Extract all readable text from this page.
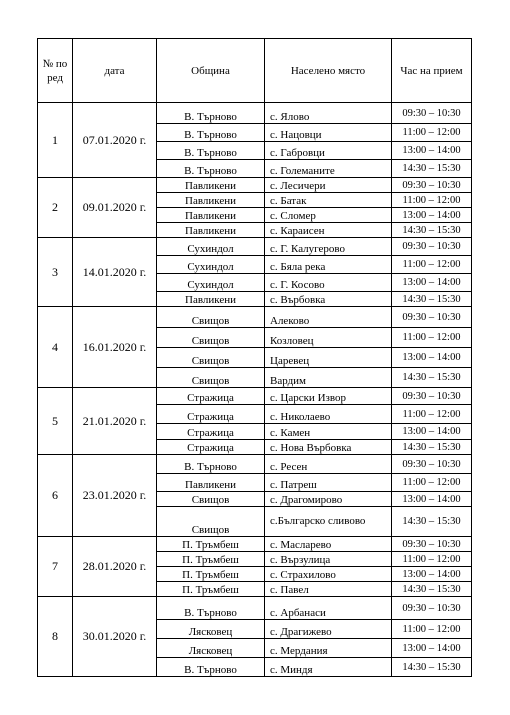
№ по ред	дата	Община	Населено място	Час на прием
1	07.01.2020 г.	В. Търново	с. Ялово	09:30 – 10:30
		В. Търново	с. Нацовци	11:00 – 12:00
		В. Търново	с. Габровци	13:00 – 14:00
		В. Търново	с. Големаните	14:30 – 15:30
2	09.01.2020 г.	Павликени	с. Лесичери	09:30 – 10:30
		Павликени	с. Батак	11:00 – 12:00
		Павликени	с. Сломер	13:00 – 14:00
		Павликени	с. Караисен	14:30 – 15:30
3	14.01.2020 г.	Сухиндол	с. Г. Калугерово	09:30 – 10:30
		Сухиндол	с. Бяла река	11:00 – 12:00
		Сухиндол	с. Г. Косово	13:00 – 14:00
		Павликени	с. Върбовка	14:30 – 15:30
4	16.01.2020 г.	Свищов	Алеково	09:30 – 10:30
		Свищов	Козловец	11:00 – 12:00
		Свищов	Царевец	13:00 – 14:00
		Свищов	Вардим	14:30 – 15:30
5	21.01.2020 г.	Стражица	с. Царски Извор	09:30 – 10:30
		Стражица	с. Николаево	11:00 – 12:00
		Стражица	с. Камен	13:00 – 14:00
		Стражица	с. Нова Върбовка	14:30 – 15:30
6	23.01.2020 г.	В. Търново	с. Ресен	09:30 – 10:30
		Павликени	с. Патреш	11:00 – 12:00
		Свищов	с. Драгомирово	13:00 – 14:00
		Свищов	с.Българско сливово	14:30 – 15:30
7	28.01.2020 г.	П. Тръмбеш	с. Масларево	09:30 – 10:30
		П. Тръмбеш	с. Вързулица	11:00 – 12:00
		П. Тръмбеш	с. Страхилово	13:00 – 14:00
		П. Тръмбеш	с. Павел	14:30 – 15:30
8	30.01.2020 г.	В. Търново	с. Арбанаси	09:30 – 10:30
		Лясковец	с. Драгижево	11:00 – 12:00
		Лясковец	с. Мердания	13:00 – 14:00
		В. Търново	с. Миндя	14:30 – 15:30
